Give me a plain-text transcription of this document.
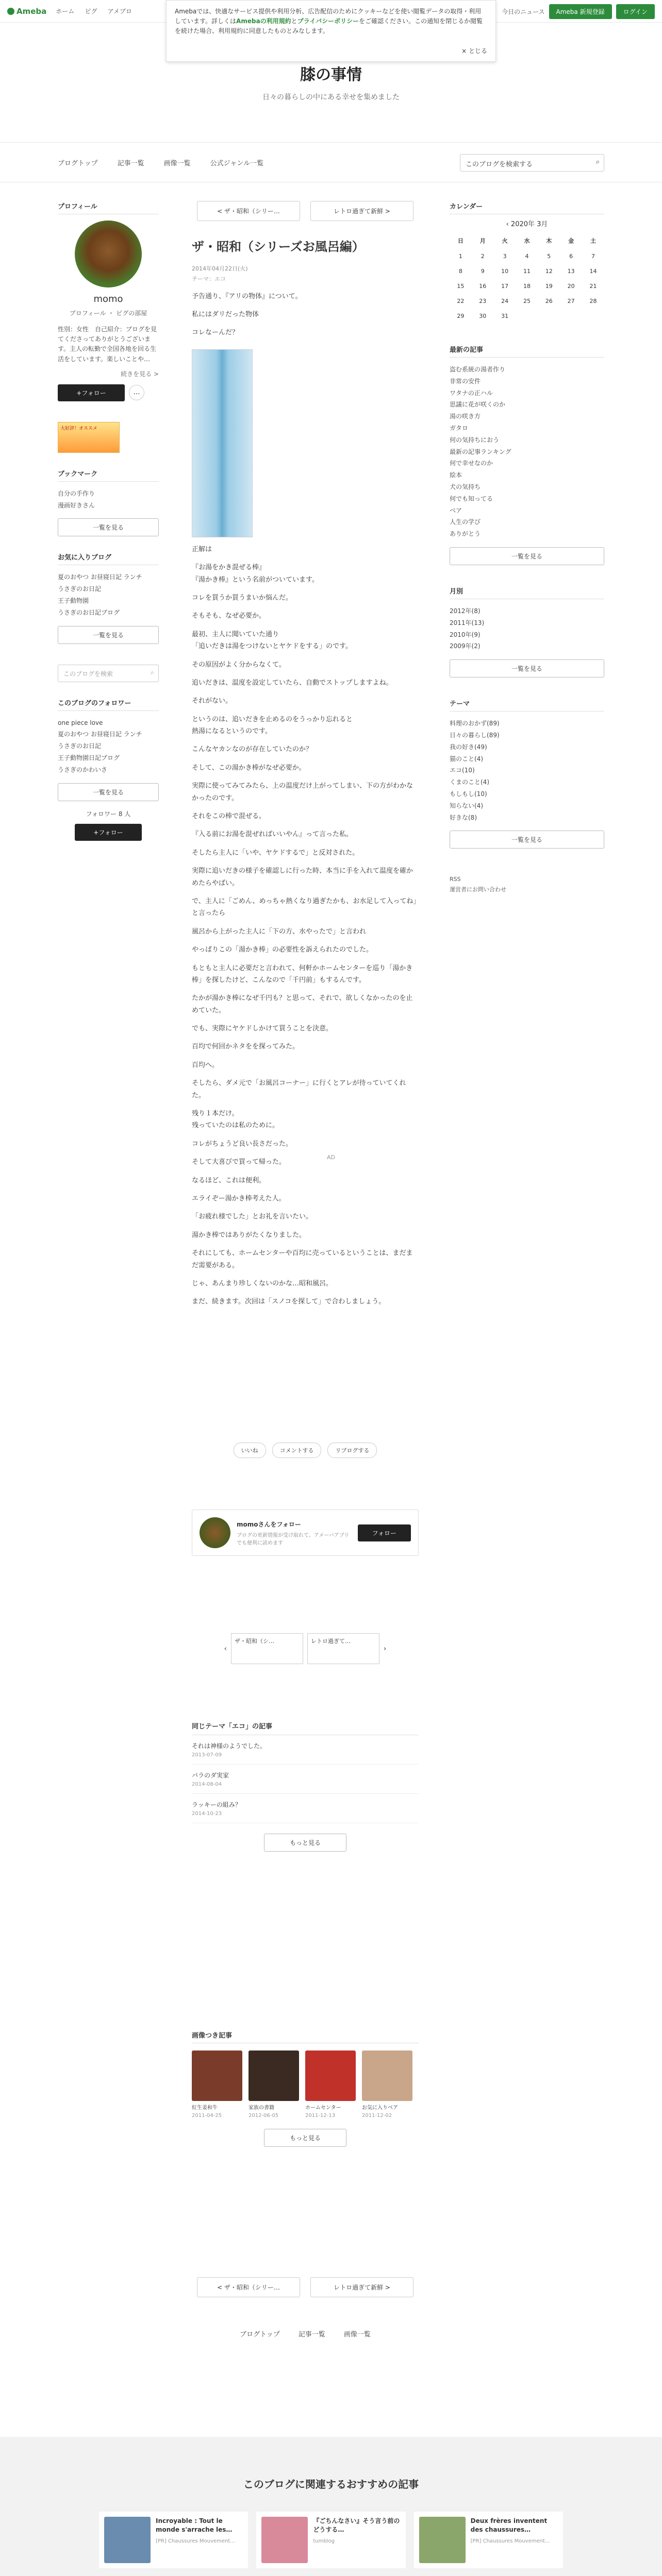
Ameba ホーム ピグ アメブロ	今日のニュース	Ameba 新規登録	ログイン
Amebaでは、快適なサービス提供や利用分析、広告配信のためにクッキーなどを使い閲覧データの取得・利用しています。詳しくはAmebaの利用規約とプライバシーポリシーをご確認ください。この通知を閉じるか閲覧を続けた場合、利用規約に同意したものとみなします。
× とじる
膝の事情
日々の暮らしの中にある幸せを集めました
ブログトップ	記事一覧	画像一覧	公式ジャンル一覧	このブログを検索する	⌕
プロフィール
momo
プロフィール ・ ピグの部屋
性別：女性　自己紹介：ブログを見てくださってありがとうございます。主人の転勤で全国各地を回る生活をしています。楽しいことや…
続きを見る >
+フォロー	…
大好評！オススメ
ブックマーク
自分の手作り
漫画好きさん
一覧を見る
お気に入りブログ
夏のおやつ お昼寝日記 ランチ
うさぎのお日記
王子動物園
うさぎのお日記ブログ
一覧を見る
このブログを検索	⌕
このブログのフォロワー
one piece love
夏のおやつ お昼寝日記 ランチ
うさぎのお日記
王子動物園日記ブログ
うさぎのかわいさ
一覧を見る
フォロワー 8 人
+フォロー
< ザ・昭和（シリー…	レトロ過ぎて新鮮 >
ザ・昭和（シリーズお風呂編）
2014年04月22日(火)
テーマ：エコ
予告通り、『アリの物体』について。
私にはダリだった物体
コレなーんだ？
正解は
『お湯をかき混ぜる棒』
『湯かき棒』という名前がついています。
コレを買うか買うまいか悩んだ。
そもそも、なぜ必要か。
最初、主人に聞いていた通り
「追いだきは湯をつけないとヤケドをする」のです。
その原因がよく分からなくて。
追いだきは、温度を設定していたら、自動でストップしますよね。
それがない。
というのは、追いだきを止めるのをうっかり忘れると
熱湯になるというのです。
こんなヤカンなのが存在していたのか？
そして、この湯かき棒がなぜ必要か。
実際に使ってみてみたら、上の温度だけ上がってしまい、下の方がわかなかったのです。
それをこの棒で混ぜる。
『入る前にお湯を混ぜればいいやん』って言った私。
そしたら主人に「いや、ヤケドするで」と反対された。
実際に追いだきの様子を確認しに行った時、本当に手を入れて温度を確かめたらやばい。
で、主人に「ごめん、めっちゃ熱くなり過ぎたかも、お水足して入ってね」と言ったら
風呂から上がった主人に「下の方、水やったで」と言われ
やっぱりこの「湯かき棒」の必要性を訴えられたのでした。
もともと主人に必要だと言われて、何軒かホームセンターを巡り「湯かき棒」を探したけど、こんなので「千円前」もするんです。
たかが湯かき棒になぜ千円も？と思って、それで、欲しくなかったのを止めていた。
でも、実際にヤケドしかけて買うことを決意。
百均で何回かネタをを探ってみた。
百均へ。
そしたら、ダメ元で「お風呂コーナー」に行くとアレが待っていてくれた。
残り１本だけ。
残っていたのは私のために。
コレがちょうど良い長さだった。
そして大喜びで買って帰った。
なるほど、これは便利。
エライぞー湯かき棒考えた人。
「お疲れ様でした」とお礼を言いたい。
湯かき棒ではありがたくなりました。
それにしても、ホームセンターや百均に売っているということは、まだまだ需要がある。
じゃ、あんまり珍しくないのかな…昭和風呂。
まだ、続きます。次回は「スノコを探して」で合わしましょう。
AD
いいね	コメントする	リブログする
momoさんをフォロー
ブログの更新情報が受け取れて、アメーバアプリでも便利に読めます
フォロー
‹
ザ・昭和（シ…	レトロ過ぎて…
›
同じテーマ「エコ」の記事
それは神様のようでした。
2013-07-09
バラのダ実家
2014-08-04
ラッキーの組み？
2014-10-23
もっと見る
画像つき記事
紅生姜和牛
2011-04-25
家族の書籍
2012-06-05
ホームセンター
2011-12-13
お気に入りベア
2011-12-02
もっと見る
< ザ・昭和（シリー…	レトロ過ぎて新鮮 >
ブログトップ	記事一覧	画像一覧
このブログに関連するおすすめの記事
Incroyable : Tout le monde s'arrache les…
[PR] Chaussures Mouvement…
『ごちんなさい』そう言う前のどうする…
tumblog
Deux frères inventent des chaussures…
[PR] Chaussures Mouvement…
カレンダー
‹ 2020年 3月
日	月	火	水	木	金	土
1	2	3	4	5	6	7
8	9	10	11	12	13	14
15	16	17	18	19	20	21
22	23	24	25	26	27	28
29	30	31				
最新の記事
盗む系統の湯者作り
非常の安件
ワタナの正ハル
思議に花が咲くのか
湯の咲き方
ガタロ
何の気持ちにおう
最新の記事ランキング
何で幸せなのか
絵本
犬の気持ち
何でも知ってる
ベア
人生の学び
ありがとう
一覧を見る
月別
2012年(8)
2011年(13)
2010年(9)
2009年(2)
一覧を見る
テーマ
料理のおかず(89)
日々の暮らし(89)
我の好き(49)
猫のこと(4)
エコ(10)
くまのこと(4)
もしもし(10)
知らない(4)
好きな(8)
一覧を見る
RSS
運営者にお問い合わせ
